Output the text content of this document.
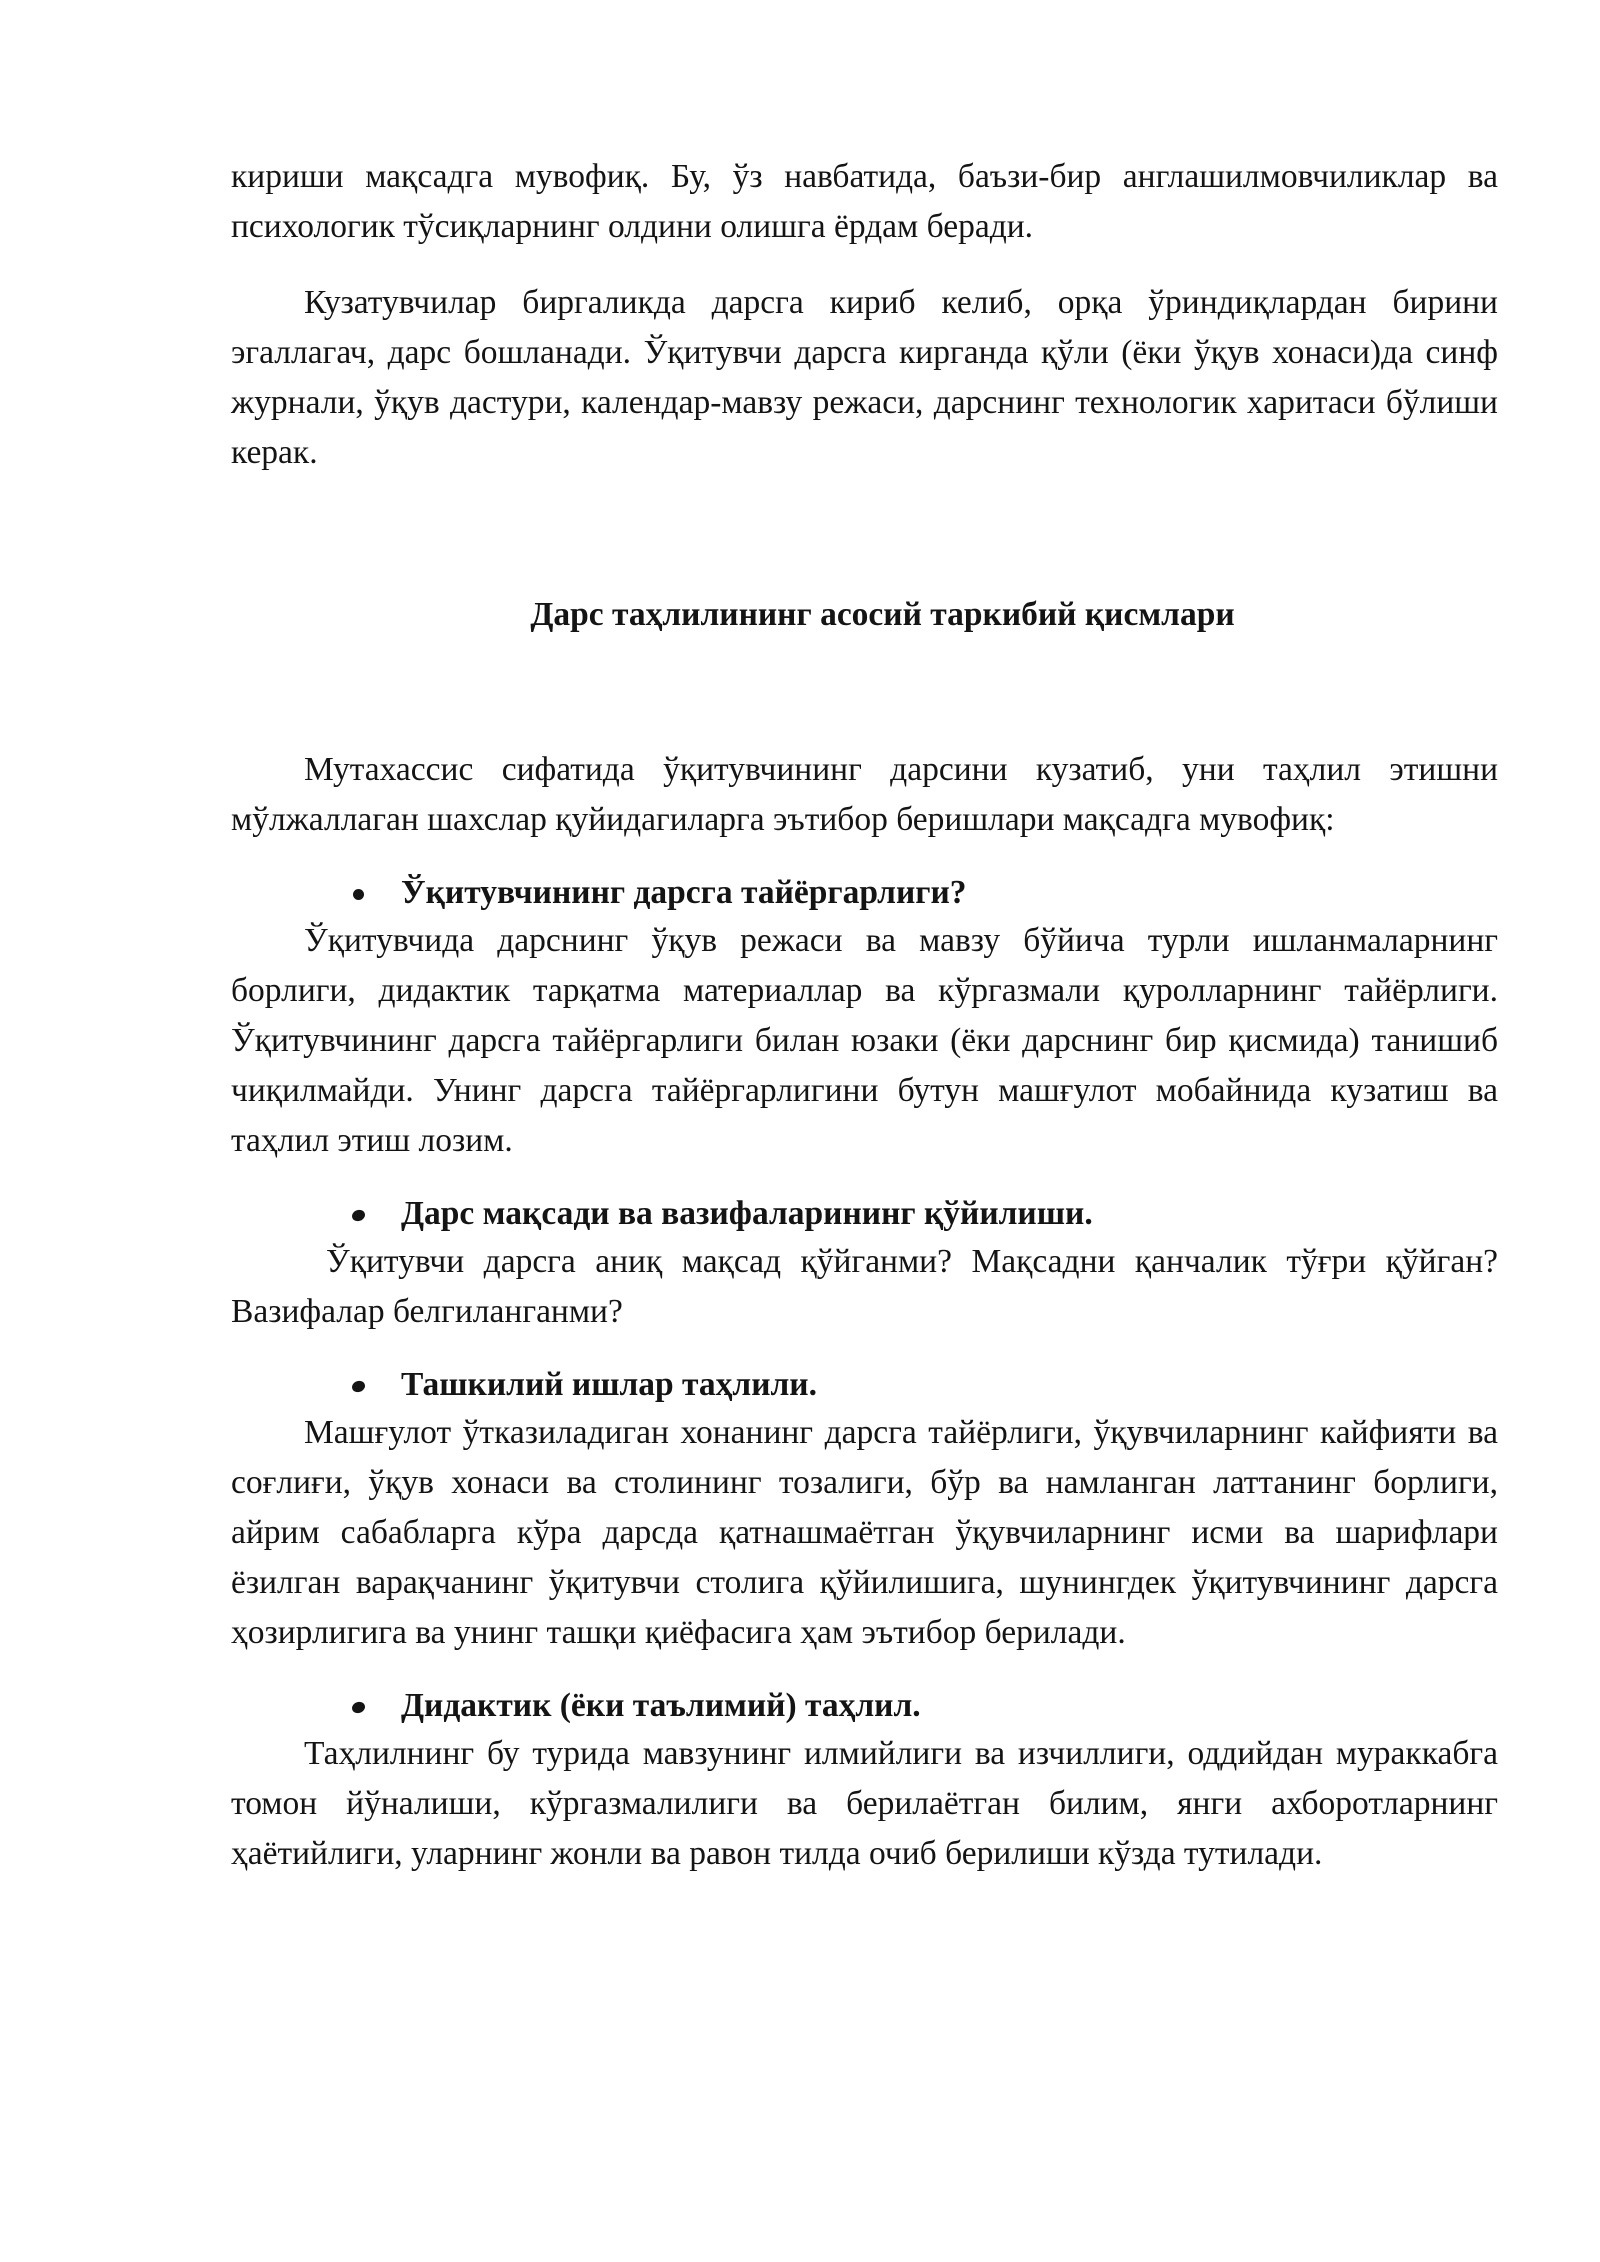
кириши мақсадга мувофиқ. Бу, ўз навбатида, баъзи-бир англашилмовчиликлар ва психологик тўсиқларнинг олдини олишга ёрдам беради.

Кузатувчилар биргаликда дарсга кириб келиб, орқа ўриндиқлардан бирини эгаллагач, дарс бошланади. Ўқитувчи дарсга кирганда қўли (ёки ўқув хонаси)да синф журнали, ўқув дастури, календар-мавзу режаси, дарснинг технологик харитаси бўлиши керак.

Дарс таҳлилининг асосий таркибий қисмлари

Мутахассис сифатида ўқитувчининг дарсини кузатиб, уни таҳлил этишни мўлжаллаган шахслар қуйидагиларга эътибор беришлари мақсадга мувофиқ:

Ўқитувчининг дарсга тайёргарлиги?

Ўқитувчида дарснинг ўқув режаси ва мавзу бўйича турли ишланмаларнинг борлиги, дидактик тарқатма материаллар ва кўргазмали қуролларнинг тайёрлиги. Ўқитувчининг дарсга тайёргарлиги билан юзаки (ёки дарснинг бир қисмида) танишиб чиқилмайди. Унинг дарсга тайёргарлигини бутун машғулот мобайнида кузатиш ва таҳлил этиш лозим.

Дарс мақсади ва вазифаларининг қўйилиши.

Ўқитувчи дарсга аниқ мақсад қўйганми? Мақсадни қанчалик тўғри қўйган? Вазифалар белгиланганми?

Ташкилий ишлар таҳлили.

Машғулот ўтказиладиган хонанинг дарсга тайёрлиги, ўқувчиларнинг кайфияти ва соғлиғи, ўқув хонаси ва столининг тозалиги, бўр ва намланган латтанинг борлиги, айрим сабабларга кўра дарсда қатнашмаётган ўқувчиларнинг исми ва шарифлари ёзилган варақчанинг ўқитувчи столига қўйилишига, шунингдек ўқитувчининг дарсга ҳозирлигига ва унинг ташқи қиёфасига ҳам эътибор берилади.

Дидактик (ёки таълимий) таҳлил.

Таҳлилнинг бу турида мавзунинг илмийлиги ва изчиллиги, оддийдан мураккабга томон йўналиши, кўргазмалилиги ва берилаётган билим, янги ахборотларнинг ҳаётийлиги, уларнинг жонли ва равон тилда очиб берилиши кўзда тутилади.
